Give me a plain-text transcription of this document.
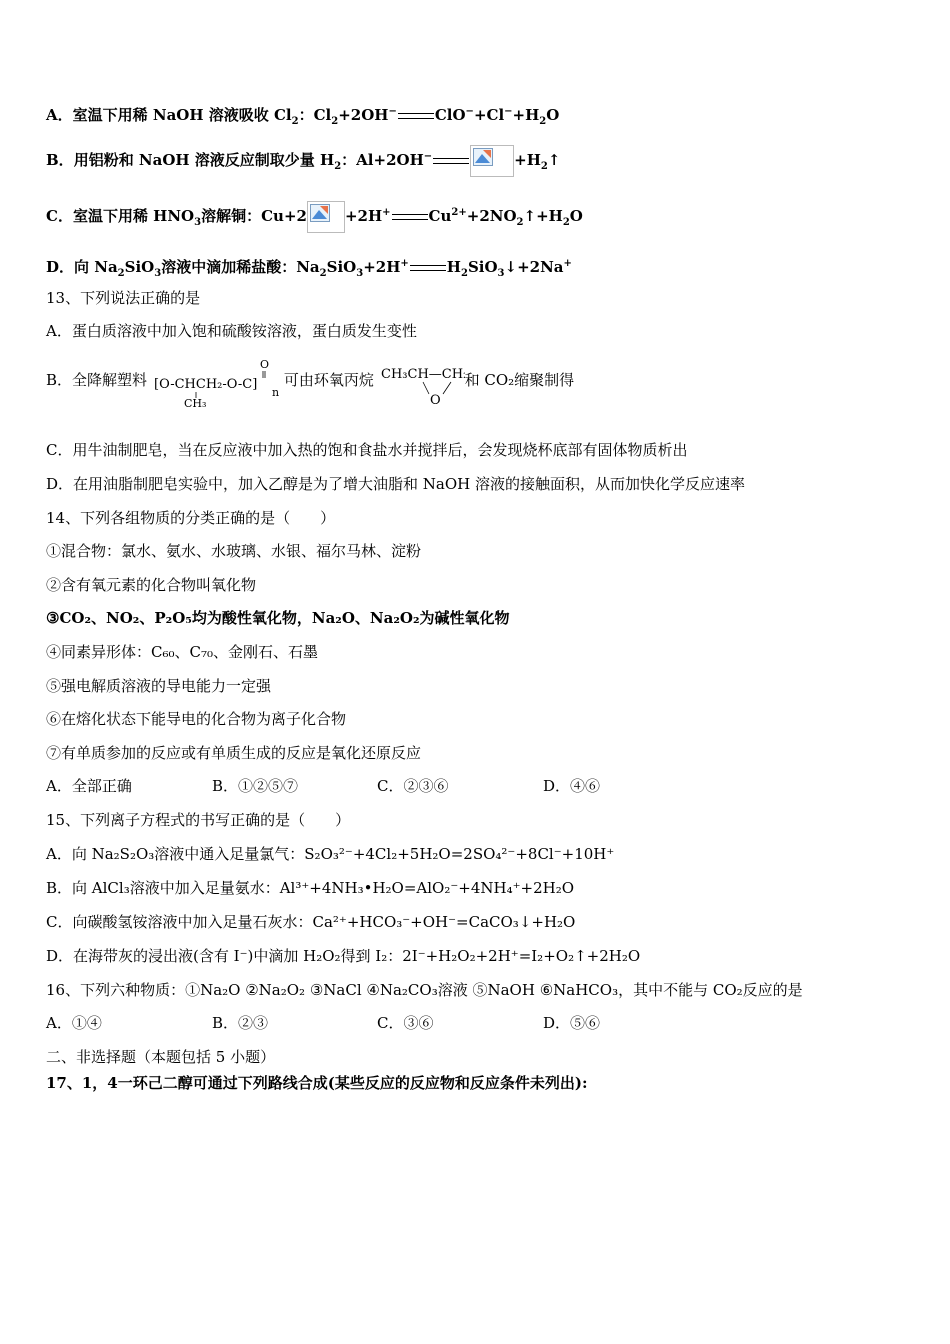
A．室温下用稀 NaOH 溶液吸收 $Cl_2$：$Cl_2+2OH^-$	$ClO^-+Cl^-+H_2O$
B．用铝粉和 NaOH 溶液反应制取少量 $H_2$：Al+2OH−	$+H_2↑$
C．室温下用稀 $HNO_3$溶解铜：Cu+2	+2H+	$Cu^{2+}+2NO_2↑+H_2O$
D．向 $Na_2SiO_3$溶液中滴加稀盐酸：$Na_2SiO_3+2H^+$	$H_2SiO_3↓+2Na^+$
13、下列说法正确的是
A．蛋白质溶液中加入饱和硫酸铵溶液，蛋白质发生变性
B．全降解塑料 [O-CHCH₂-O-C]
O
n
CH₃
可由环氧丙烷 CH₃CH—CH₂
O
和 CO₂缩聚制得
C．用牛油制肥皂，当在反应液中加入热的饱和食盐水并搅拌后，会发现烧杯底部有固体物质析出
D．在用油脂制肥皂实验中，加入乙醇是为了增大油脂和 NaOH 溶液的接触面积，从而加快化学反应速率
14、下列各组物质的分类正确的是（　　）
①混合物：氯水、氨水、水玻璃、水银、福尔马林、淀粉
②含有氧元素的化合物叫氧化物
③CO₂、NO₂、P₂O₅均为酸性氧化物，Na₂O、Na₂O₂为碱性氧化物
④同素异形体：C₆₀、C₇₀、金刚石、石墨
⑤强电解质溶液的导电能力一定强
⑥在熔化状态下能导电的化合物为离子化合物
⑦有单质参加的反应或有单质生成的反应是氧化还原反应
A．全部正确	B．①②⑤⑦	C．②③⑥	D．④⑥
15、下列离子方程式的书写正确的是（　　）
A．向 Na₂S₂O₃溶液中通入足量氯气：S₂O₃²⁻+4Cl₂+5H₂O=2SO₄²⁻+8Cl⁻+10H⁺
B．向 AlCl₃溶液中加入足量氨水：Al³⁺+4NH₃•H₂O=AlO₂⁻+4NH₄⁺+2H₂O
C．向碳酸氢铵溶液中加入足量石灰水：Ca²⁺+HCO₃⁻+OH⁻=CaCO₃↓+H₂O
D．在海带灰的浸出液(含有 I⁻)中滴加 H₂O₂得到 I₂：2I⁻+H₂O₂+2H⁺=I₂+O₂↑+2H₂O
16、下列六种物质：①Na₂O ②Na₂O₂ ③NaCl ④Na₂CO₃溶液 ⑤NaOH ⑥NaHCO₃，其中不能与 CO₂反应的是
A．①④	B．②③	C．③⑥	D．⑤⑥
二、非选择题（本题包括 5 小题）
17、1，4一环己二醇可通过下列路线合成(某些反应的反应物和反应条件未列出):
